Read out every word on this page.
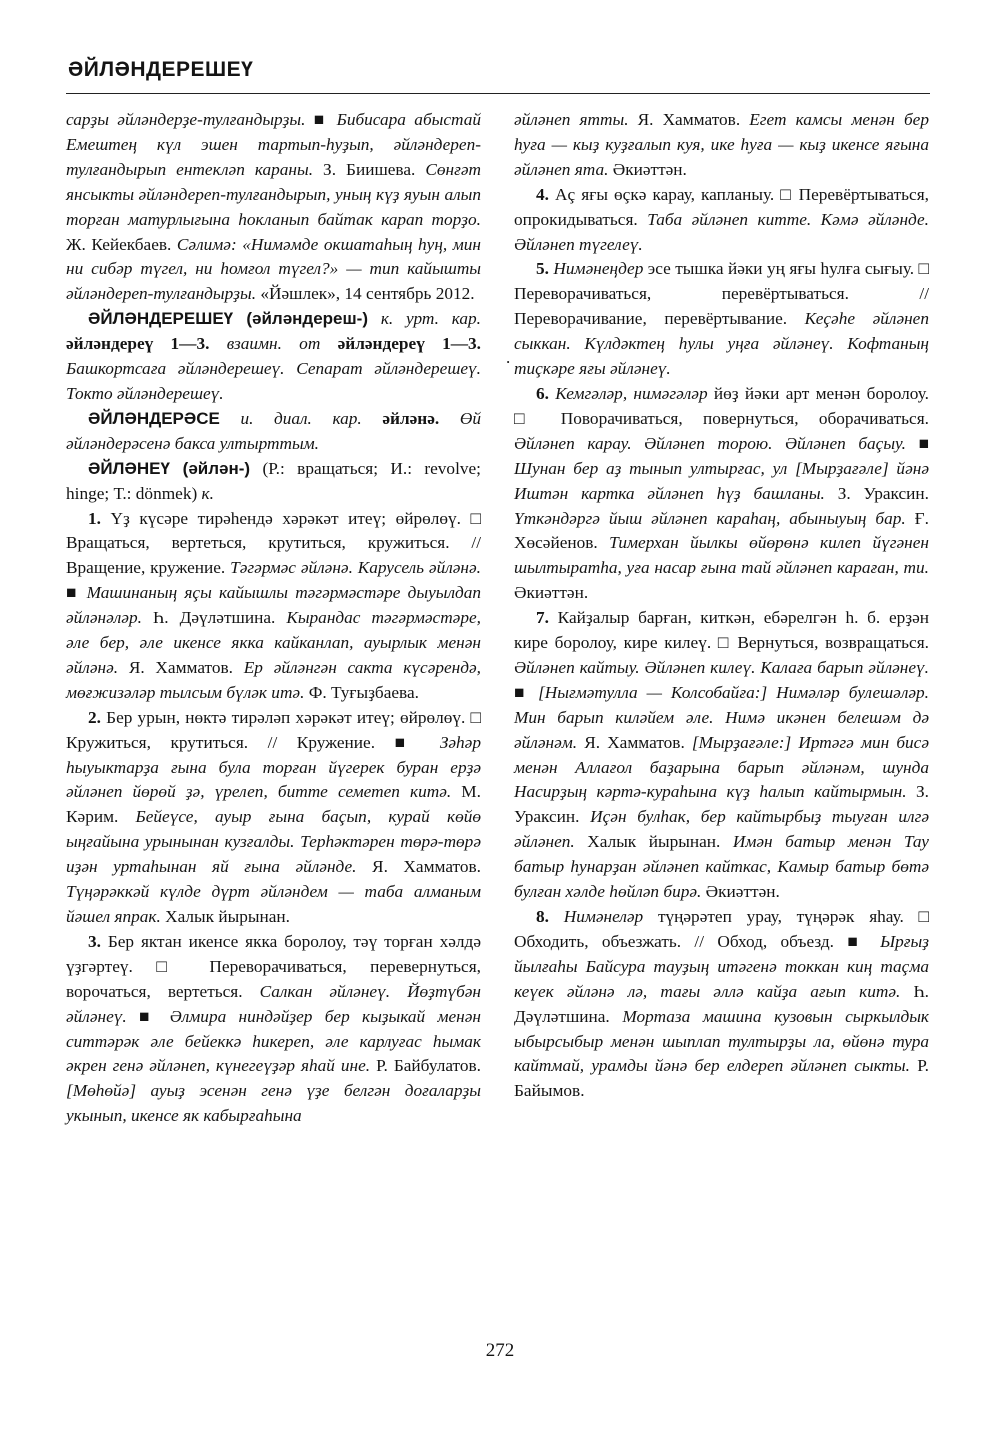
ӘЙЛӘНДЕРЕШЕҮ

сарҙы әйләндерҙе-тулғандырҙы. ■ Бибисара абыстай Емештең күл эшен тартып-һуҙып, әйләндереп-тулғандырып ентекләп караны. З. Биишева. Сөнғәт янсыкты әйләндереп-тулғандырып, уның күҙ яуын алып торған матурлығына һокланып байтак карап торҙо. Ж. Кейекбаев. Сәлимә: «Нимәмде окшатаһың һуң, мин ни сибәр түгел, ни һомғол түгел?» — тип кайышты әйләндереп-тулғандырҙы. «Йәшлек», 14 сентябрь 2012.

ӘЙЛӘНДЕРЕШЕҮ (әйләндереш-) к. урт. кар. әйләндереү 1—3. взаимн. от әйләндереү 1—3. Башкортсаға әйләндерешеү. Сепарат әйләндерешеү. Токто әйләндерешеү.

ӘЙЛӘНДЕРӘСЕ и. диал. кар. әйләнә. Өй әйләндерәсенә бакса ултырттым.

ӘЙЛӘНЕҮ (әйлән-) (Р.: вращаться; И.: revolve; hinge; Т.: dönmek) к.

1. Үҙ күсәре тирәһендә хәрәкәт итеү; өйрөлөү. □ Вращаться, вертеться, крутиться, кружиться. // Вращение, кружение. Тәгәрмәс әйләнә. Карусель әйләнә. ■ Машинаның яçы кайышлы тәгәрмәстәре дыуылдап әйләнәләр. Һ. Дәүләтшина. Кырандас тәгәрмәстәре, әле бер, әле икенсе якка кайканлап, ауырлык менән әйләнә. Я. Хамматов. Ер әйләнгән сакта күсәрендә, мөғжизәләр тылсым бүләк итә. Ф. Туғыҙбаева.

2. Бер урын, нөктә тирәләп хәрәкәт итеү; өйрөлөү. □ Кружиться, крутиться. // Кружение. ■ Зәһәр һыуыктарҙа ғына була торған йүгерек буран ерҙә әйләнеп йөрөй ҙә, үрелеп, битте семетеп китә. М. Кәрим. Бейеүсе, ауыр ғына баçып, курай көйө ыңғайына урынынан кузғалды. Терһәктәрен төрә-төрә иҙән уртаһынан яй ғына әйләнде. Я. Хамматов. Түңәрәккәй күлде дүрт әйләндем — таба алманым йәшел япрак. Халык йырынан.

3. Бер яктан икенсе якка боролоу, тәү торған хәлдә үҙгәртеү. □ Переворачиваться, перевернуться, ворочаться, вертеться. Салкан әйләнеү. Йөҙтүбән әйләнеү. ■ Әлмира ниндәйҙер бер кыҙыкай менән ситтәрәк әле бейеккә һикереп, әле карлуғас һымак әкрен генә әйләнеп, күнегеүҙәр яһай ине. Р. Байбулатов. [Мөһөйә] ауыҙ эсенән генә үҙе белгән доғаларҙы укынып, икенсе як кабырғаһына

әйләнеп ятты. Я. Хамматов. Егет камсы менән бер һуға — кыҙ куҙғалып куя, ике һуға — кыҙ икенсе яғына әйләнеп ята. Әкиәттән.

4. Аç яғы өçкә карау, капланыу. □ Перевёртываться, опрокидываться. Таба әйләнеп китте. Кәмә әйләнде. Әйләнеп түгелеү.

5. Нимәнеңдер эсе тышка йәки уң яғы һулға сығыу. □ Переворачиваться, перевёртываться. // Переворачивание, перевёртывание. Кеçәһе әйләнеп сыккан. Күлдәктең һулы уңға әйләнеү. Кофтаның тиçкәре яғы әйләнеү.

6. Кемгәләр, нимәгәләр йөҙ йәки арт менән боролоу. □ Поворачиваться, повернуться, оборачиваться. Әйләнеп карау. Әйләнеп торою. Әйләнеп баçыу. ■ Шунан бер аҙ тынып ултырғас, ул [Мырҙағәле] йәнә Иштән картка әйләнеп һүҙ башланы. З. Ураксин. Үткәндәргә йыш әйләнеп караһаң, абыныуың бар. Ғ. Хөсәйенов. Тимерхан йылкы өйөрөнә килеп йүгәнен шылтыратһа, уға насар ғына тай әйләнеп караған, ти. Әкиәттән.

7. Кайҙалыр барған, киткән, ебәрелгән һ. б. ерҙән кире боролоу, кире килеү. □ Вернуться, возвращаться. Әйләнеп кайтыу. Әйләнеп килеү. Калаға барып әйләнеү. ■ [Нығмәтулла — Колсобайға:] Нимәләр булешәләр. Мин барып киләйем әле. Нимә икәнен белешәм дә әйләнәм. Я. Хамматов. [Мырҙағәле:] Иртәгә мин бисә менән Аллағол баҙарына барып әйләнәм, шунда Насирҙың кәртә-кураһына күҙ һалып кайтырмын. З. Ураксин. Иçән булһак, бер кайтырбыҙ тыуған илгә әйләнеп. Халык йырынан. Имән батыр менән Тау батыр һунарҙан әйләнеп кайткас, Камыр батыр бөтә булған хәлде һөйләп бирә. Әкиәттән.

8. Нимәнеләр түңәрәтеп урау, түңәрәк яһау. □ Обходить, объезжать. // Обход, объезд. ■ Ырғыҙ йылғаһы Байсура тауҙың итәгенә токкан киң таçма кеүек әйләнә лә, тағы әллә кайҙа ағып китә. Һ. Дәүләтшина. Мортаза машина кузовын сыркылдык ыбырсыбыр менән шыплап тултырҙы ла, өйөнә тура кайтмай, урамды йәнә бер елдереп әйләнеп сыкты. Р. Байымов.

.
272
